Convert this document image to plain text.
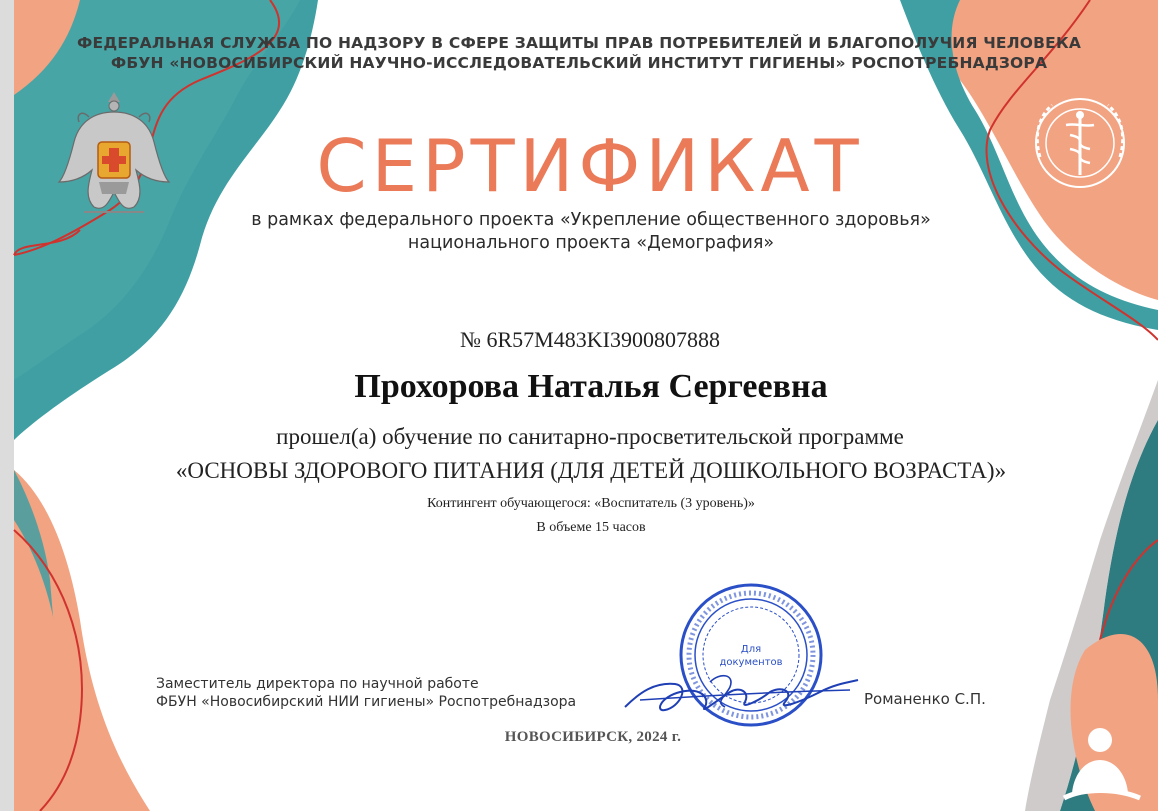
ФЕДЕРАЛЬНАЯ СЛУЖБА ПО НАДЗОРУ В СФЕРЕ ЗАЩИТЫ ПРАВ ПОТРЕБИТЕЛЕЙ И БЛАГОПОЛУЧИЯ ЧЕЛОВЕКА
ФБУН «НОВОСИБИРСКИЙ НАУЧНО-ИССЛЕДОВАТЕЛЬСКИЙ ИНСТИТУТ ГИГИЕНЫ» РОСПОТРЕБНАДЗОРА
СЕРТИФИКАТ
в рамках федерального проекта «Укрепление общественного здоровья»
национального проекта «Демография»
№ 6R57M483KI3900807888
Прохорова Наталья Сергеевна
прошел(а) обучение по санитарно-просветительской программе
«ОСНОВЫ ЗДОРОВОГО ПИТАНИЯ (ДЛЯ ДЕТЕЙ ДОШКОЛЬНОГО ВОЗРАСТА)»
Контингент обучающегося: «Воспитатель (3 уровень)»
В объеме 15 часов
Для
документов
Заместитель директора по научной работе
ФБУН «Новосибирский НИИ гигиены» Роспотребнадзора	Романенко С.П.
НОВОСИБИРСК, 2024 г.
